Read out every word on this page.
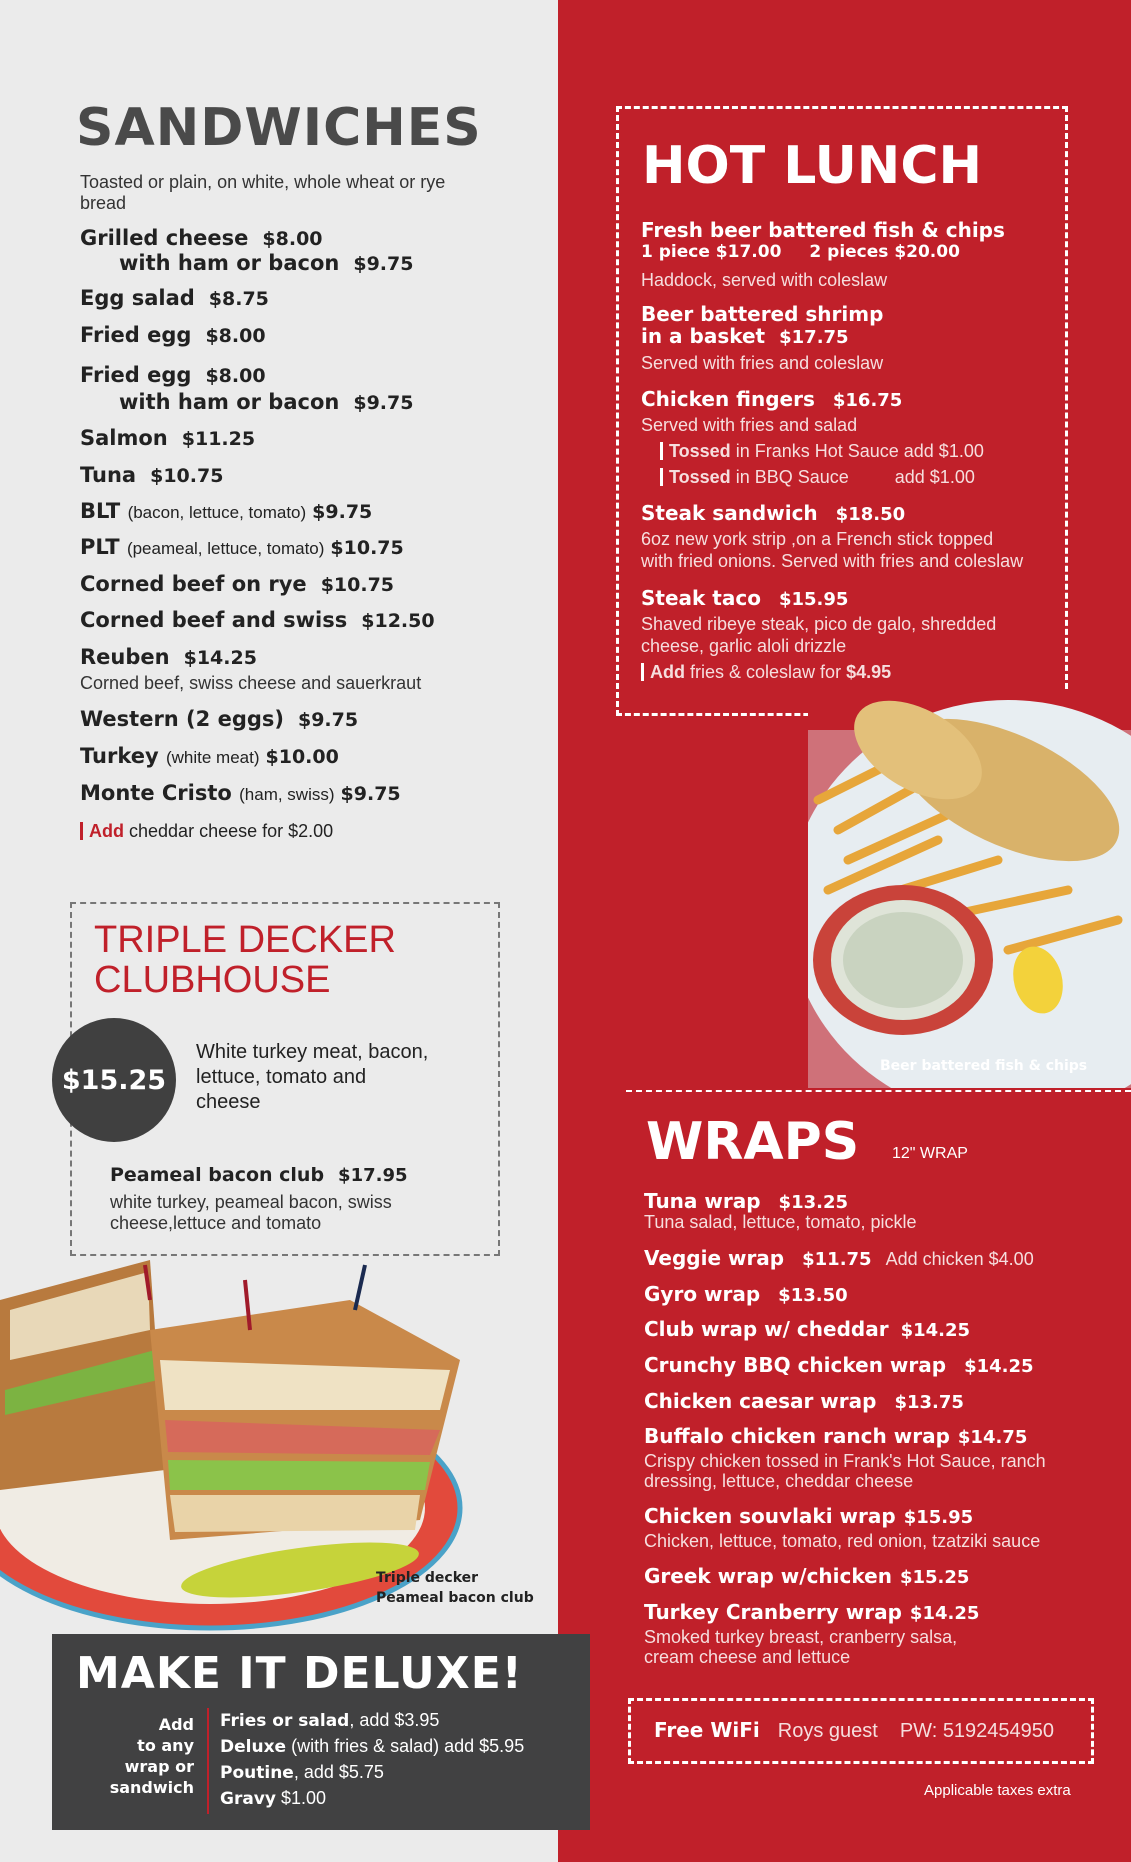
SANDWICHES
Toasted or plain, on white, whole wheat or rye bread
Grilled cheese $8.00
with ham or bacon $9.75
Egg salad $8.75
Fried egg $8.00
Fried egg $8.00
with ham or bacon $9.75
Salmon $11.25
Tuna $10.75
BLT (bacon, lettuce, tomato) $9.75
PLT (peameal, lettuce, tomato) $10.75
Corned beef on rye $10.75
Corned beef and swiss $12.50
Reuben $14.25
Corned beef, swiss cheese and sauerkraut
Western (2 eggs) $9.75
Turkey (white meat) $10.00
Monte Cristo (ham, swiss) $9.75
Add cheddar cheese for $2.00
TRIPLE DECKER
CLUBHOUSE
$15.25
White turkey meat, bacon, lettuce, tomato and cheese
Peameal bacon club $17.95
white turkey, peameal bacon, swiss
cheese,lettuce and tomato
Triple decker
Peameal bacon club
MAKE IT DELUXE!
Add
to any
wrap or
sandwich
Fries or salad, add $3.95
Deluxe (with fries & salad) add $5.95
Poutine, add $5.75
Gravy $1.00
HOT LUNCH
Fresh beer battered fish & chips
1 piece $17.00 2 pieces $20.00
Haddock, served with coleslaw
Beer battered shrimp
in a basket $17.75
Served with fries and coleslaw
Chicken fingers $16.75
Served with fries and salad
Tossed in Franks Hot Sauce add $1.00
Tossed in BBQ Sauce	add $1.00
Steak sandwich $18.50
6oz new york strip ,on a French stick topped
with fried onions. Served with fries and coleslaw
Steak taco $15.95
Shaved ribeye steak, pico de galo, shredded
cheese, garlic aloli drizzle
Add fries & coleslaw for $4.95
Beer battered fish & chips
WRAPS 12" WRAP
Tuna wrap $13.25
Tuna salad, lettuce, tomato, pickle
Veggie wrap $11.75 Add chicken $4.00
Gyro wrap $13.50
Club wrap w/ cheddar $14.25
Crunchy BBQ chicken wrap $14.25
Chicken caesar wrap $13.75
Buffalo chicken ranch wrap $14.75
Crispy chicken tossed in Frank's Hot Sauce, ranch
dressing, lettuce, cheddar cheese
Chicken souvlaki wrap $15.95
Chicken, lettuce, tomato, red onion, tzatziki sauce
Greek wrap w/chicken $15.25
Turkey Cranberry wrap $14.25
Smoked turkey breast, cranberry salsa,
cream cheese and lettuce
Free WiFi Roys guest PW: 5192454950
Applicable taxes extra
